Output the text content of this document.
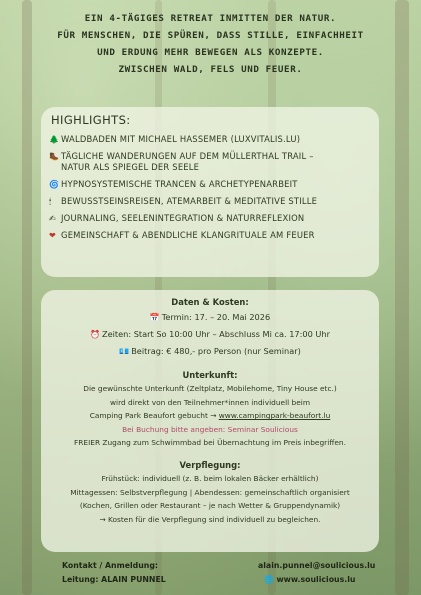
EIN 4-TÄGIGES RETREAT INMITTEN DER NATUR.
FÜR MENSCHEN, DIE SPÜREN, DASS STILLE, EINFACHHEIT
UND ERDUNG MEHR BEWEGEN ALS KONZEPTE.
ZWISCHEN WALD, FELS UND FEUER.
HIGHLIGHTS:
🌲 WALDBADEN MIT MICHAEL HASSEMER (LUXVITALIS.LU)
🥾 TÄGLICHE WANDERUNGEN AUF DEM MÜLLERTHAL TRAIL –
NATUR ALS SPIEGEL DER SEELE
🌀 HYPNOSYSTEMISCHE TRANCEN & ARCHETYPENARBEIT
🕯	BEWUSSTSEINSREISEN, ATEMARBEIT & MEDITATIVE STILLE
✍ JOURNALING, SEELENINTEGRATION & NATURREFLEXION
❤ GEMEINSCHAFT & ABENDLICHE KLANGRITUALE AM FEUER
Daten & Kosten:
📅 Termin: 17. – 20. Mai 2026
⏰ Zeiten: Start So 10:00 Uhr – Abschluss Mi ca. 17:00 Uhr
💶 Beitrag: € 480,- pro Person (nur Seminar)
Unterkunft:
Die gewünschte Unterkunft (Zeltplatz, Mobilehome, Tiny House etc.)
wird direkt von den Teilnehmer*innen individuell beim
Camping Park Beaufort gebucht → www.campingpark-beaufort.lu
Bei Buchung bitte angeben: Seminar Soulicious
FREIER Zugang zum Schwimmbad bei Übernachtung im Preis inbegriffen.
Verpflegung:
Frühstück: individuell (z. B. beim lokalen Bäcker erhältlich)
Mittagessen: Selbstverpflegung | Abendessen: gemeinschaftlich organisiert
(Kochen, Grillen oder Restaurant – je nach Wetter & Gruppendynamik)
→ Kosten für die Verpflegung sind individuell zu begleichen.
Kontakt / Anmeldung:
Leitung: ALAIN PUNNEL
alain.punnel@soulicious.lu
🌐 www.soulicious.lu
